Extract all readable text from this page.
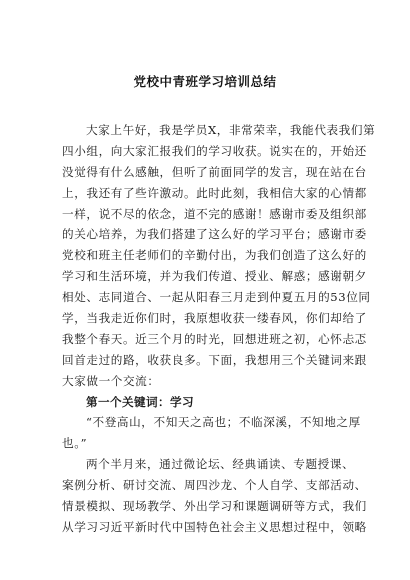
党校中青班学习培训总结
大家上午好，我是学员X，非常荣幸，我能代表我们第
四小组，向大家汇报我们的学习收获。说实在的，开始还
没觉得有什么感触，但听了前面同学的发言，现在站在台
上，我还有了些许激动。此时此刻，我相信大家的心情都
一样，说不尽的依念，道不完的感谢！感谢市委及组织部
的关心培养，为我们搭建了这么好的学习平台；感谢市委
党校和班主任老师们的辛勤付出，为我们创造了这么好的
学习和生活环境，并为我们传道、授业、解惑；感谢朝夕
相处、志同道合、一起从阳春三月走到仲夏五月的53位同
学，当我走近你们时，我原想收获一缕春风，你们却给了
我整个春天。近三个月的时光，回想进班之初，心怀忐忑
回首走过的路，收获良多。下面，我想用三个关键词来跟
大家做一个交流：
第一个关键词：学习
“不登高山，不知天之高也；不临深溪，不知地之厚
也。”
两个半月来，通过微论坛、经典诵读、专题授课、
案例分析、研讨交流、周四沙龙、个人自学、支部活动、
情景模拟、现场教学、外出学习和课题调研等方式，我们
从学习习近平新时代中国特色社会主义思想过程中，领略
